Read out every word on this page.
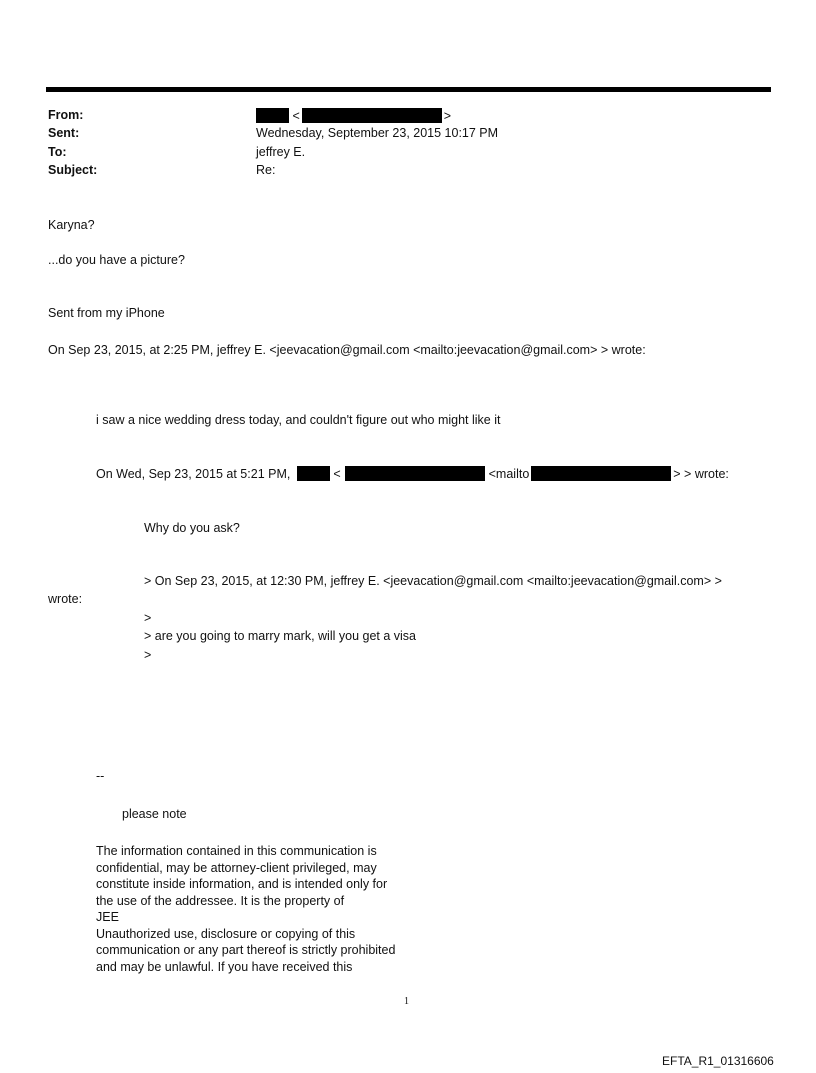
From:	<	>
Sent:	Wednesday, September 23, 2015 10:17 PM
To:	jeffrey E.
Subject:	Re:
Karyna?
...do you have a picture?
Sent from my iPhone
On Sep 23, 2015, at 2:25 PM, jeffrey E. <jeevacation@gmail.com <mailto:jeevacation@gmail.com> > wrote:
i saw a nice wedding dress today, and couldn't figure out who might like it
On Wed, Sep 23, 2015 at 5:21 PM,	<	<mailto	> > wrote:
Why do you ask?
> On Sep 23, 2015, at 12:30 PM, jeffrey E. <jeevacation@gmail.com <mailto:jeevacation@gmail.com> >
wrote:
>
> are you going to marry mark, will you get a visa
>
--
please note
The information contained in this communication is
confidential, may be attorney-client privileged, may
constitute inside information, and is intended only for
the use of the addressee. It is the property of
JEE
Unauthorized use, disclosure or copying of this
communication or any part thereof is strictly prohibited
and may be unlawful. If you have received this
1
EFTA_R1_01316606
